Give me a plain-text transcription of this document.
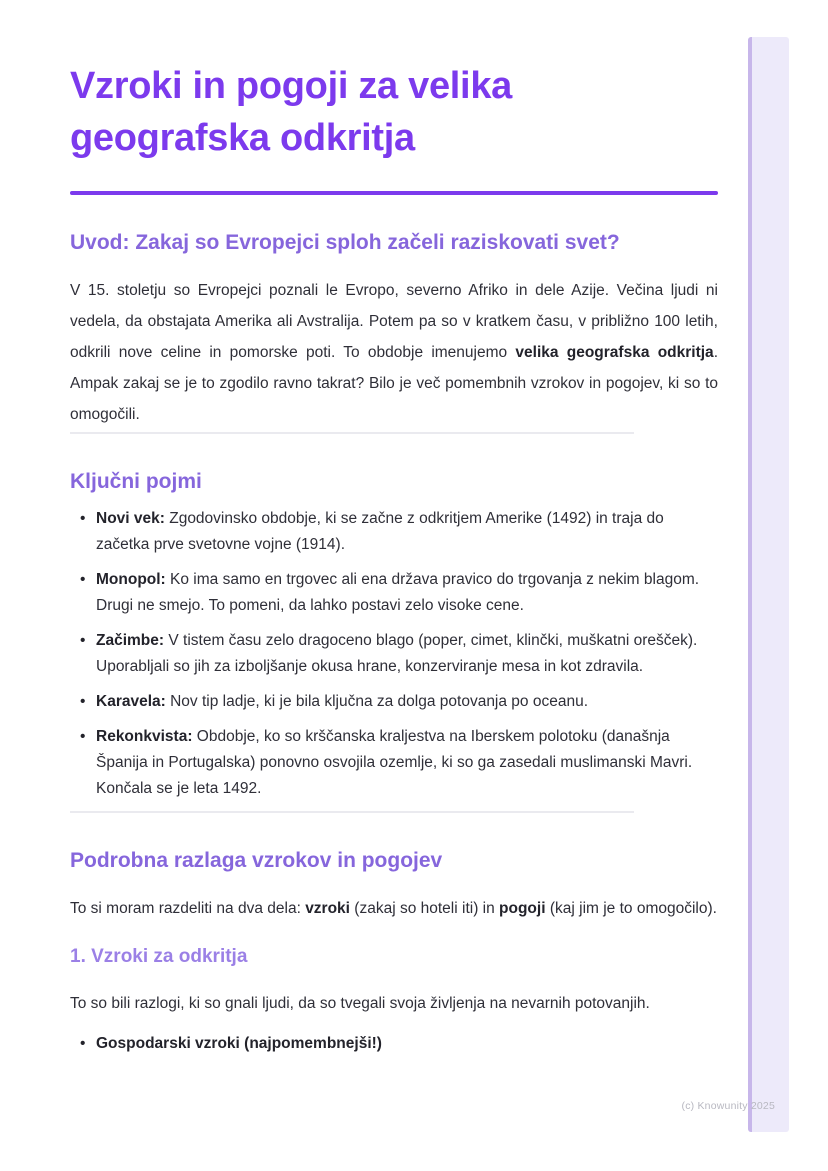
(c) Knowunity 2025
Vzroki in pogoji za velika geografska odkritja
Uvod: Zakaj so Evropejci sploh začeli raziskovati svet?

V 15. stoletju so Evropejci poznali le Evropo, severno Afriko in dele Azije. Večina ljudi ni vedela, da obstajata Amerika ali Avstralija. Potem pa so v kratkem času, v približno 100 letih, odkrili nove celine in pomorske poti. To obdobje imenujemo velika geografska odkritja. Ampak zakaj se je to zgodilo ravno takrat? Bilo je več pomembnih vzrokov in pogojev, ki so to omogočili.

Ključni pojmi
• Novi vek: Zgodovinsko obdobje, ki se začne z odkritjem Amerike (1492) in traja do začetka prve svetovne vojne (1914).
• Monopol: Ko ima samo en trgovec ali ena država pravico do trgovanja z nekim blagom. Drugi ne smejo. To pomeni, da lahko postavi zelo visoke cene.
• Začimbe: V tistem času zelo dragoceno blago (poper, cimet, klinčki, muškatni orešček). Uporabljali so jih za izboljšanje okusa hrane, konzerviranje mesa in kot zdravila.
• Karavela: Nov tip ladje, ki je bila ključna za dolga potovanja po oceanu.
• Rekonkvista: Obdobje, ko so krščanska kraljestva na Iberskem polotoku (današnja Španija in Portugalska) ponovno osvojila ozemlje, ki so ga zasedali muslimanski Mavri. Končala se je leta 1492.
Podrobna razlaga vzrokov in pogojev

To si moram razdeliti na dva dela: vzroki (zakaj so hoteli iti) in pogoji (kaj jim je to omogočilo).

1. Vzroki za odkritja

To so bili razlogi, ki so gnali ljudi, da so tvegali svoja življenja na nevarnih potovanjih.

• Gospodarski vzroki (najpomembnejši!)
